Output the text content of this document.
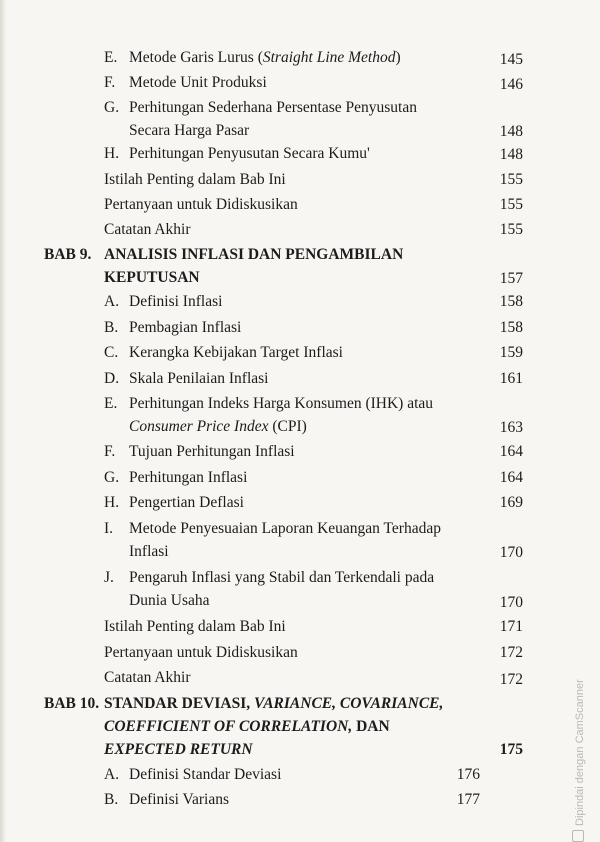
E. Metode Garis Lurus (Straight Line Method)	145
F. Metode Unit Produksi	146
G. Perhitungan Sederhana Persentase Penyusutan
Secara Harga Pasar	148
H. Perhitungan Penyusutan Secara Kumu'	148
Istilah Penting dalam Bab Ini	155
Pertanyaan untuk Didiskusikan	155
Catatan Akhir	155
BAB 9. ANALISIS INFLASI DAN PENGAMBILAN
KEPUTUSAN	157
A. Definisi Inflasi	158
B. Pembagian Inflasi	158
C. Kerangka Kebijakan Target Inflasi	159
D. Skala Penilaian Inflasi	161
E. Perhitungan Indeks Harga Konsumen (IHK) atau
Consumer Price Index (CPI)	163
F. Tujuan Perhitungan Inflasi	164
G. Perhitungan Inflasi	164
H. Pengertian Deflasi	169
I. Metode Penyesuaian Laporan Keuangan Terhadap
Inflasi	170
J. Pengaruh Inflasi yang Stabil dan Terkendali pada
Dunia Usaha	170
Istilah Penting dalam Bab Ini	171
Pertanyaan untuk Didiskusikan	172
Catatan Akhir	172
BAB 10. STANDAR DEVIASI, VARIANCE, COVARIANCE,
COEFFICIENT OF CORRELATION, DAN
EXPECTED RETURN	175
A. Definisi Standar Deviasi	176
B. Definisi Varians	177	Dipindai dengan CamScanner
